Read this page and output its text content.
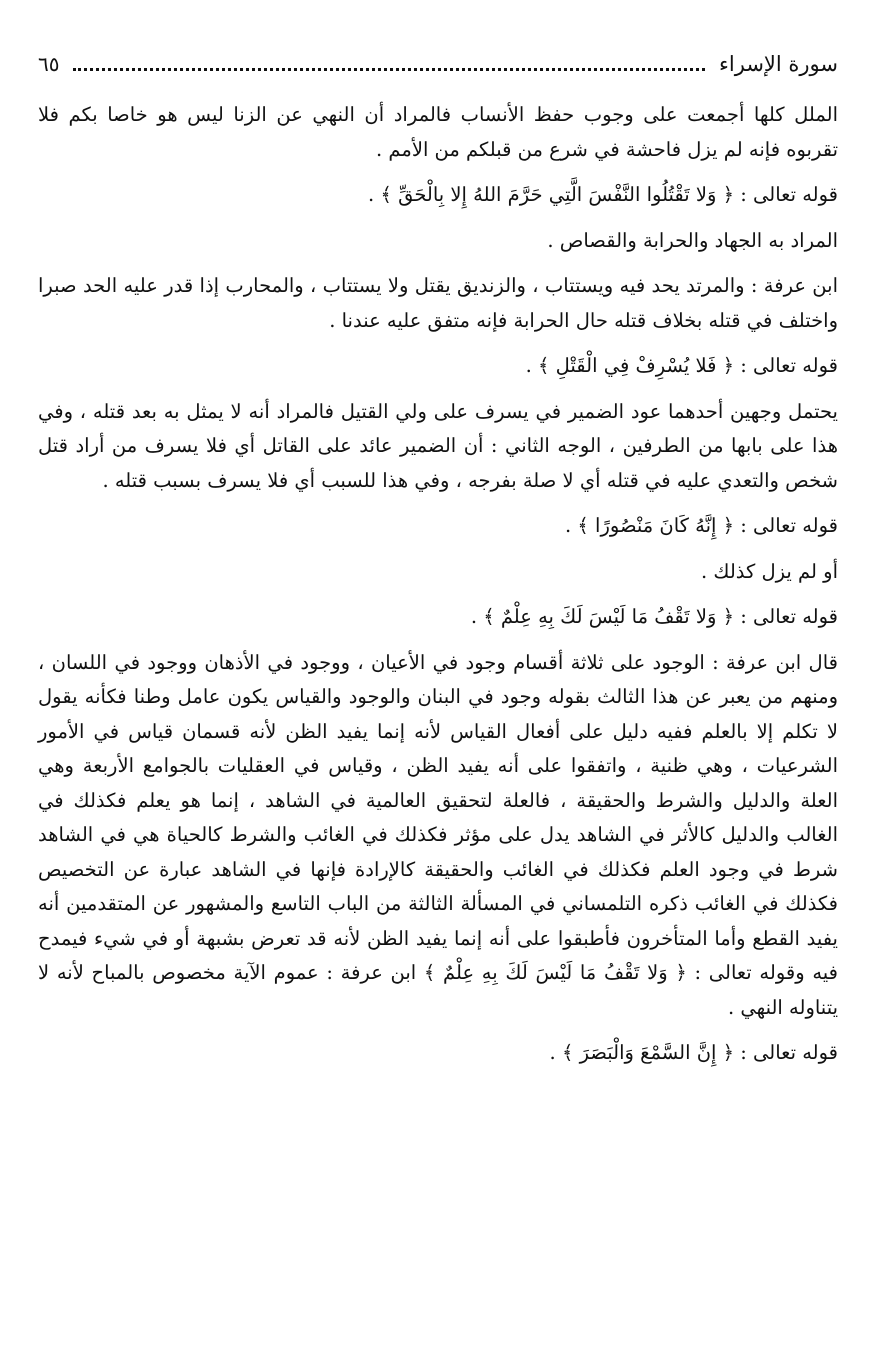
سورة الإسراء
٦٥

الملل كلها أجمعت على وجوب حفظ الأنساب فالمراد أن النهي عن الزنا ليس هو خاصا بكم فلا تقربوه فإنه لم يزل فاحشة في شرع من قبلكم من الأمم .

قوله تعالى : ﴿ وَلا تَقْتُلُوا النَّفْسَ الَّتِي حَرَّمَ اللهُ إِلا بِالْحَقِّ ﴾ .

المراد به الجهاد والحرابة والقصاص .

ابن عرفة : والمرتد يحد فيه ويستتاب ، والزنديق يقتل ولا يستتاب ، والمحارب إذا قدر عليه الحد صبرا واختلف في قتله بخلاف قتله حال الحرابة فإنه متفق عليه عندنا .

قوله تعالى : ﴿ فَلا يُسْرِفْ فِي الْقَتْلِ ﴾ .

يحتمل وجهين أحدهما عود الضمير في يسرف على ولي القتيل فالمراد أنه لا يمثل به بعد قتله ، وفي هذا على بابها من الطرفين ، الوجه الثاني : أن الضمير عائد على القاتل أي فلا يسرف من أراد قتل شخص والتعدي عليه في قتله أي لا صلة بفرجه ، وفي هذا للسبب أي فلا يسرف بسبب قتله .

قوله تعالى : ﴿ إِنَّهُ كَانَ مَنْصُورًا ﴾ .

أو لم يزل كذلك .

قوله تعالى : ﴿ وَلا تَقْفُ مَا لَيْسَ لَكَ بِهِ عِلْمٌ ﴾ .

قال ابن عرفة : الوجود على ثلاثة أقسام وجود في الأعيان ، ووجود في الأذهان ووجود في اللسان ، ومنهم من يعبر عن هذا الثالث بقوله وجود في البنان والوجود والقياس يكون عامل وطنا فكأنه يقول لا تكلم إلا بالعلم ففيه دليل على أفعال القياس لأنه إنما يفيد الظن لأنه قسمان قياس في الأمور الشرعيات ، وهي ظنية ، واتفقوا على أنه يفيد الظن ، وقياس في العقليات بالجوامع الأربعة وهي العلة والدليل والشرط والحقيقة ، فالعلة لتحقيق العالمية في الشاهد ، إنما هو يعلم فكذلك في الغالب والدليل كالأثر في الشاهد يدل على مؤثر فكذلك في الغائب والشرط كالحياة هي في الشاهد شرط في وجود العلم فكذلك في الغائب والحقيقة كالإرادة فإنها في الشاهد عبارة عن التخصيص فكذلك في الغائب ذكره التلمساني في المسألة الثالثة من الباب التاسع والمشهور عن المتقدمين أنه يفيد القطع وأما المتأخرون فأطبقوا على أنه إنما يفيد الظن لأنه قد تعرض بشبهة أو في شيء فيمدح فيه وقوله تعالى : ﴿ وَلا تَقْفُ مَا لَيْسَ لَكَ بِهِ عِلْمٌ ﴾ ابن عرفة : عموم الآية مخصوص بالمباح لأنه لا يتناوله النهي .

قوله تعالى : ﴿ إِنَّ السَّمْعَ وَالْبَصَرَ ﴾ .
